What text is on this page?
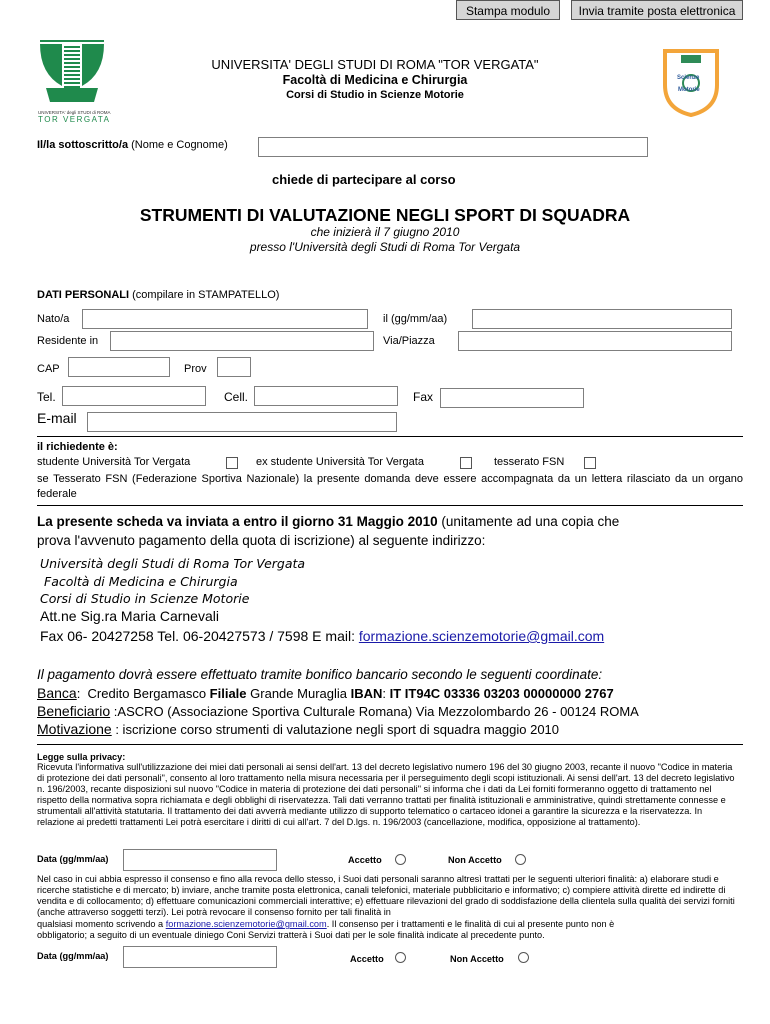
Stampa modulo	Invia tramite posta elettronica
UNIVERSITA' degli STUDI di ROMA
TOR VERGATA
UNIVERSITA' DEGLI STUDI DI ROMA "TOR VERGATA"
Facoltà di Medicina e Chirurgia
Corsi di Studio in Scienze Motorie
Scienze
Motorie
Il/la sottoscritto/a (Nome e Cognome)
chiede di partecipare al corso
STRUMENTI DI VALUTAZIONE NEGLI SPORT DI SQUADRA
che inizierà il 7 giugno 2010
presso l'Università degli Studi di Roma Tor Vergata
DATI PERSONALI (compilare in STAMPATELLO)
Nato/a	il (gg/mm/aa)
Residente in	Via/Piazza
CAP	Prov
Tel.	Cell.	Fax
E-mail
il richiedente è:
studente Università Tor Vergata	ex studente Università Tor Vergata	tesserato FSN
se Tesserato FSN (Federazione Sportiva Nazionale) la presente domanda deve essere accompagnata da un lettera rilasciato da un organo federale
La presente scheda va inviata a entro il giorno 31 Maggio 2010 (unitamente ad una copia che
prova l'avvenuto pagamento della quota di iscrizione) al seguente indirizzo:
Università degli Studi di Roma Tor Vergata
Facoltà di Medicina e Chirurgia
Corsi di Studio in Scienze Motorie
Att.ne Sig.ra Maria Carnevali
Fax 06- 20427258 Tel. 06-20427573 / 7598 E mail: formazione.scienzemotorie@gmail.com
Il pagamento dovrà essere effettuato tramite bonifico bancario secondo le seguenti coordinate:
Banca:  Credito Bergamasco Filiale Grande Muraglia IBAN: IT IT94C 03336 03203 00000000 2767
Beneficiario :ASCRO (Associazione Sportiva Culturale Romana) Via Mezzolombardo 26 - 00124 ROMA
Motivazione : iscrizione corso strumenti di valutazione negli sport di squadra maggio 2010
Legge sulla privacy:
Ricevuta l'informativa sull'utilizzazione dei miei dati personali ai sensi dell'art. 13 del decreto legislativo numero 196 del 30 giugno 2003, recante il nuovo "Codice in materia di protezione dei dati personali", consento al loro trattamento nella misura necessaria per il perseguimento degli scopi istituzionali. Ai sensi dell'art. 13 del decreto legislativo n. 196/2003, recante disposizioni sul nuovo "Codice in materia di protezione dei dati personali" si informa che i dati da Lei forniti formeranno oggetto di trattamento nel rispetto della normativa sopra richiamata e degli obblighi di riservatezza. Tali dati verranno trattati per finalità istituzionali e amministrative, quindi strettamente connesse e strumentali all'attività statutaria. Il trattamento dei dati avverrà mediante utilizzo di supporto telematico o cartaceo idonei a garantire la sicurezza e la riservatezza. In relazione ai predetti trattamenti Lei potrà esercitare i diritti di cui all'art. 7 del D.lgs. n. 196/2003 (cancellazione, modifica, opposizione al trattamento).
Data (gg/mm/aa)	Accetto	Non Accetto
Nel caso in cui abbia espresso il consenso e fino alla revoca dello stesso, i Suoi dati personali saranno altresì trattati per le seguenti ulteriori finalità: a) elaborare studi e ricerche statistiche e di mercato; b) inviare, anche tramite posta elettronica, canali telefonici, materiale pubblicitario e informativo; c) compiere attività dirette ed indirette di vendita e di collocamento; d) effettuare comunicazioni commerciali interattive; e) effettuare rilevazioni del grado di soddisfazione della clientela sulla qualità dei servizi forniti (anche attraverso soggetti terzi). Lei potrà revocare il consenso fornito per tali finalità in
qualsiasi momento scrivendo a formazione.scienzemotorie@gmail.com. Il consenso per i trattamenti e le finalità di cui al presente punto non è
obbligatorio; a seguito di un eventuale diniego Coni Servizi tratterà i Suoi dati per le sole finalità indicate al precedente punto.
Data (gg/mm/aa)	Accetto	Non Accetto
